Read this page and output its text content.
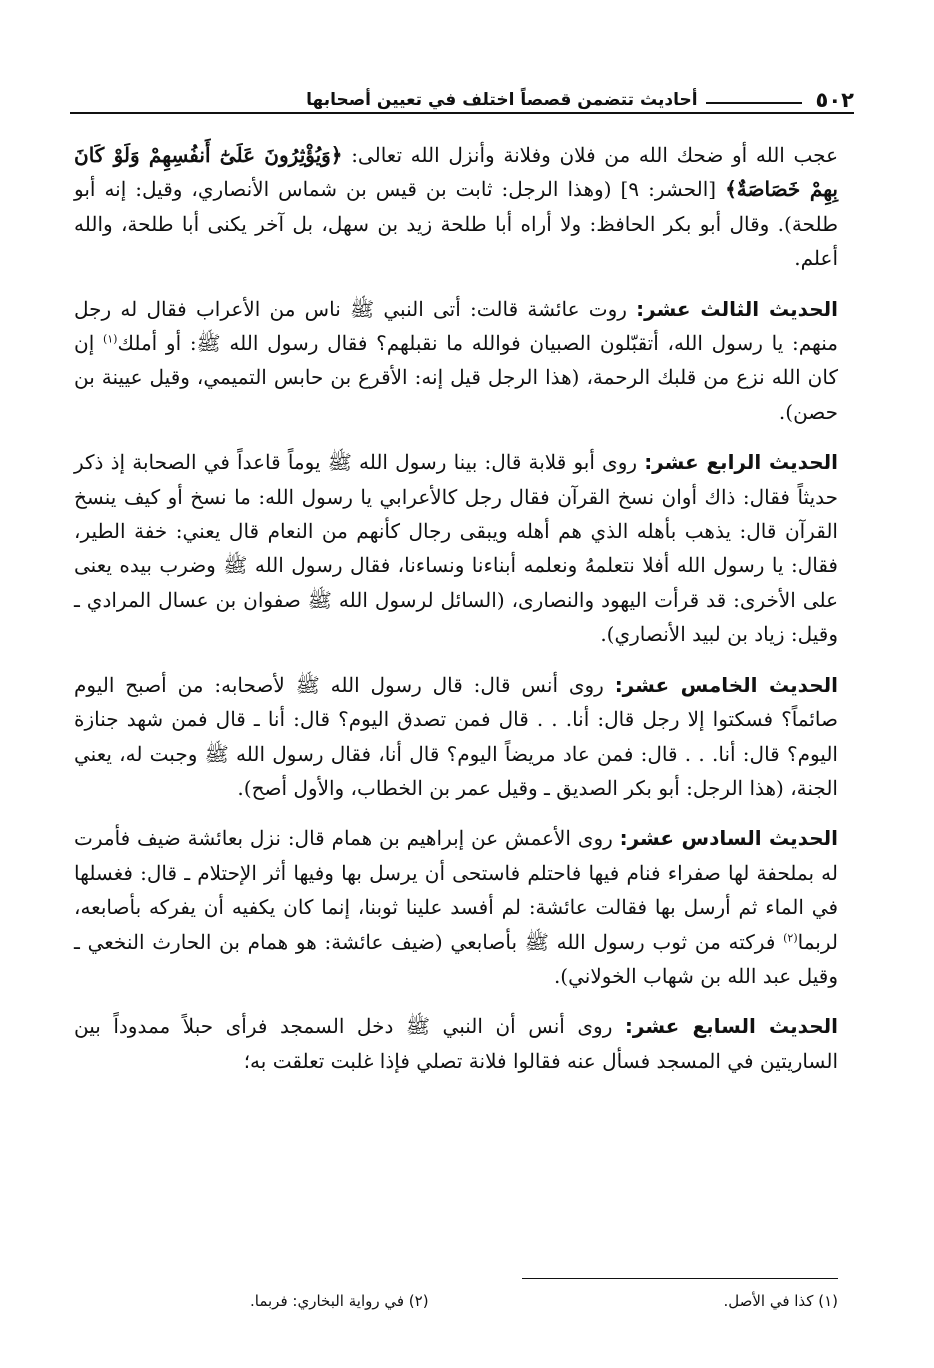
٥٠٢
أحاديث تتضمن قصصاً اختلف في تعيين أصحابها

عجب الله أو ضحك الله من فلان وفلانة وأنزل الله تعالى: ﴿وَيُؤْثِرُونَ عَلَىٰٓ أَنفُسِهِمْ وَلَوْ كَانَ بِهِمْ خَصَاصَةٌ﴾ [الحشر: ٩] (وهذا الرجل: ثابت بن قيس بن شماس الأنصاري، وقيل: إنه أبو طلحة). وقال أبو بكر الحافظ: ولا أراه أبا طلحة زيد بن سهل، بل آخر يكنى أبا طلحة، والله أعلم.

الحديث الثالث عشر: روت عائشة قالت: أتى النبي ﷺ ناس من الأعراب فقال له رجل منهم: يا رسول الله، أتقبّلون الصبيان فوالله ما نقبلهم؟ فقال رسول الله ﷺ: أو أملك$^{(١)}$ إن كان الله نزع من قلبك الرحمة، (هذا الرجل قيل إنه: الأقرع بن حابس التميمي، وقيل عيينة بن حصن).

الحديث الرابع عشر: روى أبو قلابة قال: بينا رسول الله ﷺ يوماً قاعداً في الصحابة إذ ذكر حديثاً فقال: ذاك أوان نسخ القرآن فقال رجل كالأعرابي يا رسول الله: ما نسخ أو كيف ينسخ القرآن قال: يذهب بأهله الذي هم أهله ويبقى رجال كأنهم من النعام قال يعني: خفة الطير، فقال: يا رسول الله أفلا نتعلمهُ ونعلمه أبناءنا ونساءنا، فقال رسول الله ﷺ وضرب بيده يعنى على الأخرى: قد قرأت اليهود والنصارى، (السائل لرسول الله ﷺ صفوان بن عسال المرادي ـ وقيل: زياد بن لبيد الأنصاري).

الحديث الخامس عشر: روى أنس قال: قال رسول الله ﷺ لأصحابه: من أصبح اليوم صائماً؟ فسكتوا إلا رجل قال: أنا. . . قال فمن تصدق اليوم؟ قال: أنا ـ قال فمن شهد جنازة اليوم؟ قال: أنا. . . قال: فمن عاد مريضاً اليوم؟ قال أنا، فقال رسول الله ﷺ وجبت له، يعني الجنة، (هذا الرجل: أبو بكر الصديق ـ وقيل عمر بن الخطاب، والأول أصح).

الحديث السادس عشر: روى الأعمش عن إبراهيم بن همام قال: نزل بعائشة ضيف فأمرت له بملحفة لها صفراء فنام فيها فاحتلم فاستحى أن يرسل بها وفيها أثر الإحتلام ـ قال: فغسلها في الماء ثم أرسل بها فقالت عائشة: لم أفسد علينا ثوبنا، إنما كان يكفيه أن يفركه بأصابعه، لربما$^{(٢)}$ فركته من ثوب رسول الله ﷺ بأصابعي (ضيف عائشة: هو همام بن الحارث النخعي ـ وقيل عبد الله بن شهاب الخولاني).

الحديث السابع عشر: روى أنس أن النبي ﷺ دخل السمجد فرأى حبلاً ممدوداً بين الساريتين في المسجد فسأل عنه فقالوا فلانة تصلي فإذا غلبت تعلقت به؛

(١) كذا في الأصل.
(٢) في رواية البخاري: فربما.
